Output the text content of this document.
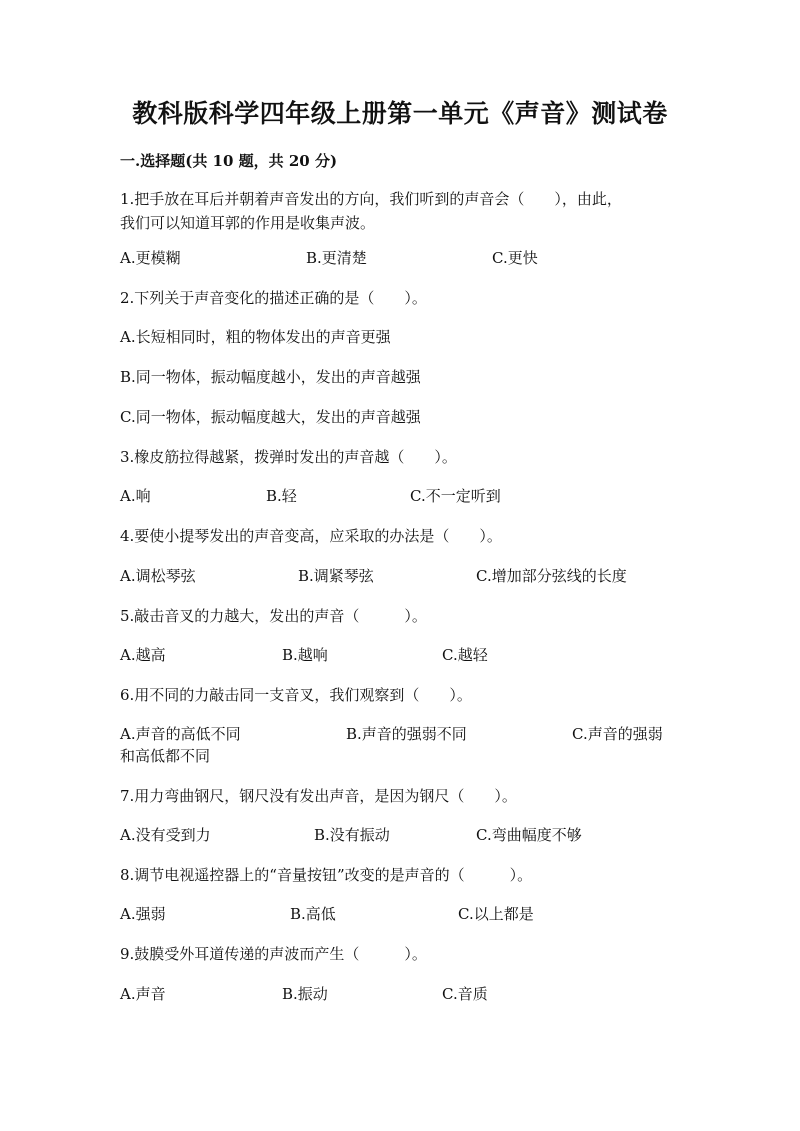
教科版科学四年级上册第一单元《声音》测试卷
一.选择题(共 10 题，共 20 分)
1.把手放在耳后并朝着声音发出的方向，我们听到的声音会（　　），由此，
我们可以知道耳郭的作用是收集声波。
A.更模糊	B.更清楚	C.更快
2.下列关于声音变化的描述正确的是（　　）。
A.长短相同时，粗的物体发出的声音更强
B.同一物体，振动幅度越小，发出的声音越强
C.同一物体，振动幅度越大，发出的声音越强
3.橡皮筋拉得越紧，拨弹时发出的声音越（　　）。
A.响	B.轻	C.不一定听到
4.要使小提琴发出的声音变高，应采取的办法是（　　）。
A.调松琴弦	B.调紧琴弦	C.增加部分弦线的长度
5.敲击音叉的力越大，发出的声音（　　　）。
A.越高	B.越响	C.越轻
6.用不同的力敲击同一支音叉，我们观察到（　　）。
A.声音的高低不同	B.声音的强弱不同	C.声音的强弱
和高低都不同
7.用力弯曲钢尺，钢尺没有发出声音，是因为钢尺（　　）。
A.没有受到力	B.没有振动	C.弯曲幅度不够
8.调节电视遥控器上的“音量按钮”改变的是声音的（　　　）。
A.强弱	B.高低	C.以上都是
9.鼓膜受外耳道传递的声波而产生（　　　）。
A.声音	B.振动	C.音质
